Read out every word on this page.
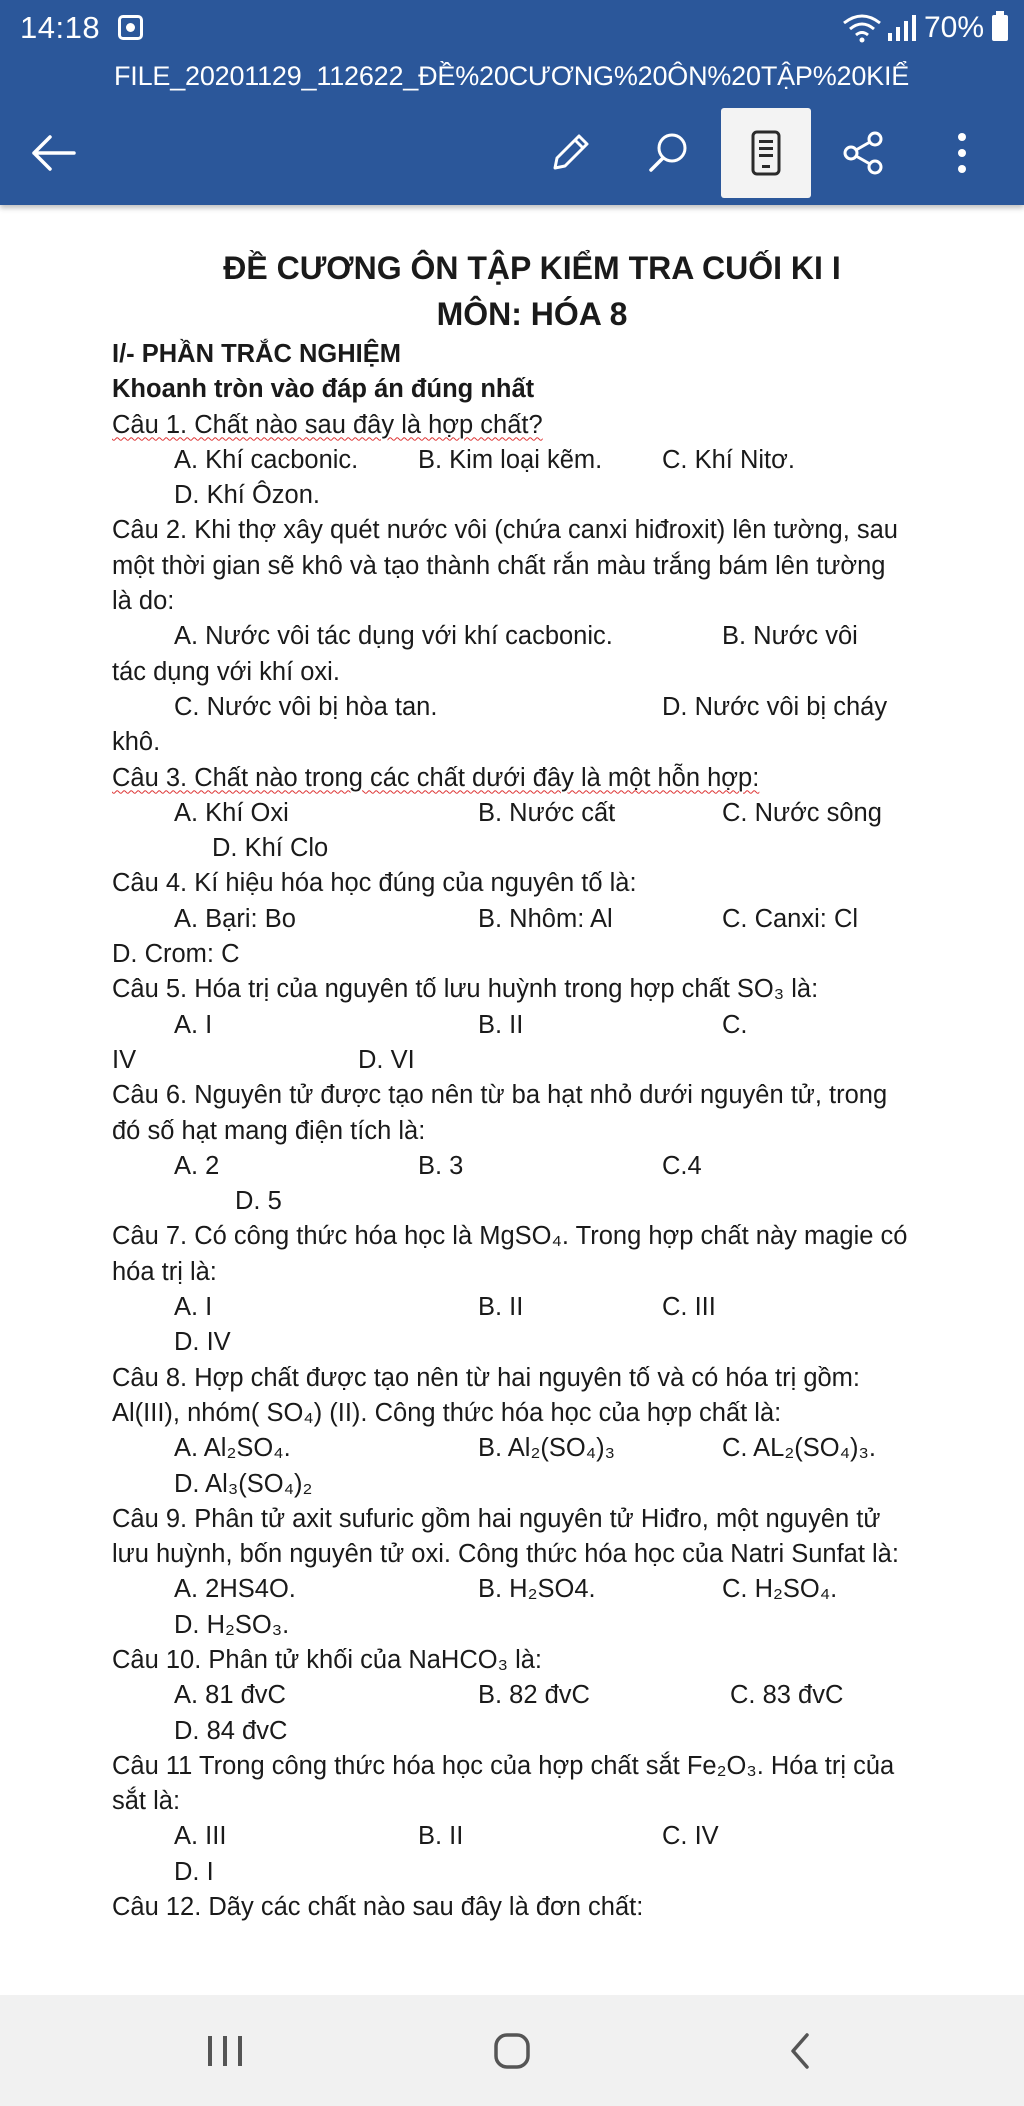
14:18	70%
FILE_20201129_112622_ĐỀ%20CƯƠNG%20ÔN%20TẬP%20KIỂ
ĐỀ CƯƠNG ÔN TẬP KIỂM TRA CUỐI KI I
MÔN: HÓA 8

I/- PHẦN TRẮC NGHIỆM

Khoanh tròn vào đáp án đúng nhất

Câu 1. Chất nào sau đây là hợp chất?

A. Khí cacbonic. B. Kim loại kẽm. C. Khí Nitơ.

D. Khí Ôzon.

Câu 2. Khi thợ xây quét nước vôi (chứa canxi hiđroxit) lên tường, sau một thời gian sẽ khô và tạo thành chất rắn màu trắng bám lên tường là do:

A. Nước vôi tác dụng với khí cacbonic.	B. Nước vôi

tác dụng với khí oxi.

C. Nước vôi bị hòa tan.	D. Nước vôi bị cháy

khô.

Câu 3. Chất nào trong các chất dưới đây là một hỗn hợp:

A. Khí Oxi	B. Nước cất	C. Nước sông

D. Khí Clo

Câu 4. Kí hiệu hóa học đúng của nguyên tố là:

A. Bạri: Bo	B. Nhôm: Al	C. Canxi: Cl

D. Crom: C

Câu 5. Hóa trị của nguyên tố lưu huỳnh trong hợp chất SO₃ là:

A. I	B. II	C.

IV	D. VI

Câu 6. Nguyên tử được tạo nên từ ba hạt nhỏ dưới nguyên tử, trong đó số hạt mang điện tích là:

A. 2	B. 3	C.4

D. 5

Câu 7. Có công thức hóa học là MgSO₄. Trong hợp chất này magie có hóa trị là:

A. I	B. II	C. III

D. IV

Câu 8. Hợp chất được tạo nên từ hai nguyên tố và có hóa trị gồm: Al(III), nhóm( SO₄) (II). Công thức hóa học của hợp chất là:

A. Al₂SO₄.	B. Al₂(SO₄)₃	C. AL₂(SO₄)₃.

D. Al₃(SO₄)₂

Câu 9. Phân tử axit sufuric gồm hai nguyên tử Hiđro, một nguyên tử lưu huỳnh, bốn nguyên tử oxi. Công thức hóa học của Natri Sunfat là:

A. 2HS4O.	B. H₂SO4.	C. H₂SO₄.

D. H₂SO₃.

Câu 10. Phân tử khối của NaHCO₃ là:

A. 81 đvC	B. 82 đvC	C. 83 đvC

D. 84 đvC

Câu 11 Trong công thức hóa học của hợp chất sắt Fe₂O₃. Hóa trị của sắt là:

A. III	B. II	C. IV

D. I

Câu 12. Dãy các chất nào sau đây là đơn chất:
